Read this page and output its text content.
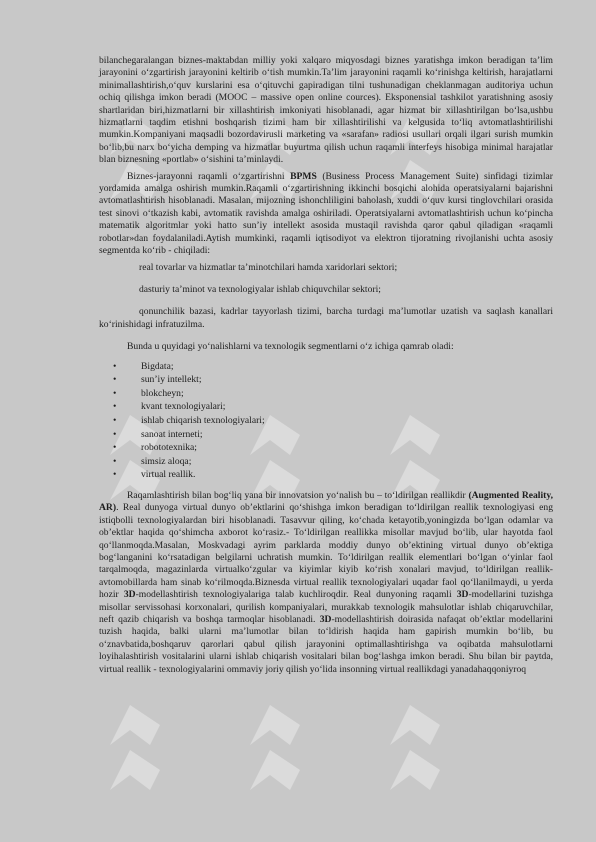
bilanchegaralangan biznes-maktabdan milliy yoki xalqaro miqyosdagi biznes yaratishga imkon beradigan ta’lim jarayonini o‘zgartirish jarayonini keltirib o‘tish mumkin.Ta’lim jarayonini raqamli ko‘rinishga keltirish, harajatlarni minimallashtirish,o‘quv kurslarini esa o‘qituvchi gapiradigan tilni tushunadigan cheklanmagan auditoriya uchun ochiq qilishga imkon beradi (MOOC – massive open online cources). Eksponensial tashkilot yaratishning asosiy shartlaridan biri,hizmatlarni bir xillashtirish imkoniyati hisoblanadi, agar hizmat bir xillashtirilgan bo‘lsa,ushbu hizmatlarni taqdim etishni boshqarish tizimi ham bir xillashtirilishi va kelgusida to‘liq avtomatlashtirilishi mumkin.Kompaniyani maqsadli bozordavirusli marketing va «sarafan» radiosi usullari orqali ilgari surish mumkin bo‘lib,bu narx bo‘yicha demping va hizmatlar buyurtma qilish uchun raqamli interfeys hisobiga minimal harajatlar blan biznesning «portlab» o‘sishini ta’minlaydi.

Biznes-jarayonni raqamli o‘zgartirishni BPMS (Business Process Management Suite) sinfidagi tizimlar yordamida amalga oshirish mumkin.Raqamli o‘zgartirishning ikkinchi bosqichi alohida operatsiyalarni bajarishni avtomatlashtirish hisoblanadi. Masalan, mijozning ishonchliligini baholash, xuddi o‘quv kursi tinglovchilari orasida test sinovi o‘tkazish kabi, avtomatik ravishda amalga oshiriladi. Operatsiyalarni avtomatlashtirish uchun ko‘pincha matematik algoritmlar yoki hatto sun’iy intellekt asosida mustaqil ravishda qaror qabul qiladigan «raqamli robotlar»dan foydalaniladi.Aytish mumkinki, raqamli iqtisodiyot va elektron tijoratning rivojlanishi uchta asosiy segmentda ko‘rib - chiqiladi:

real tovarlar va hizmatlar ta’minotchilari hamda xaridorlari sektori;

dasturiy ta’minot va texnologiyalar ishlab chiquvchilar sektori;

qonunchilik bazasi, kadrlar tayyorlash tizimi, barcha turdagi ma’lumotlar uzatish va saqlash kanallari ko‘rinishidagi infratuzilma.

Bunda u quyidagi yo‘nalishlarni va texnologik segmentlarni o‘z ichiga qamrab oladi:

• Bigdata;
• sun’iy intellekt;
• blokcheyn;
• kvant texnologiyalari;
• ishlab chiqarish texnologiyalari;
• sanoat interneti;
• robototexnika;
• simsiz aloqa;
• virtual reallik.

Raqamlashtirish bilan bog‘liq yana bir innovatsion yo‘nalish bu – to‘ldirilgan reallikdir (Augmented Reality, AR). Real dunyoga virtual dunyo ob’ektlarini qo‘shishga imkon beradigan to‘ldirilgan reallik texnologiyasi eng istiqbolli texnologiyalardan biri hisoblanadi. Tasavvur qiling, ko‘chada ketayotib,yoningizda bo‘lgan odamlar va ob’ektlar haqida qo‘shimcha axborot ko‘rasiz.- To‘ldirilgan reallikka misollar mavjud bo‘lib, ular hayotda faol qo‘llanmoqda.Masalan, Moskvadagi ayrim parklarda moddiy dunyo ob’ektining virtual dunyo ob’ektiga bog‘langanini ko‘rsatadigan belgilarni uchratish mumkin. To‘ldirilgan reallik elementlari bo‘lgan o‘yinlar faol tarqalmoqda, magazinlarda virtualko‘zgular va kiyimlar kiyib ko‘rish xonalari mavjud, to‘ldirilgan reallik-avtomobillarda ham sinab ko‘rilmoqda.Biznesda virtual reallik texnologiyalari uqadar faol qo‘llanilmaydi, u yerda hozir 3D-modellashtirish texnologiyalariga talab kuchliroqdir. Real dunyoning raqamli 3D-modellarini tuzishga misollar servissohasi korxonalari, qurilish kompaniyalari, murakkab texnologik mahsulotlar ishlab chiqaruvchilar, neft qazib chiqarish va boshqa tarmoqlar hisoblanadi. 3D-modellashtirish doirasida nafaqat ob’ektlar modellarini tuzish haqida, balki ularni ma’lumotlar bilan to‘ldirish haqida ham gapirish mumkin bo‘lib, bu o‘znavbatida,boshqaruv qarorlari qabul qilish jarayonini optimallashtirishga va oqibatda mahsulotlarni loyihalashtirish vositalarini ularni ishlab chiqarish vositalari bilan bog‘lashga imkon beradi. Shu bilan bir paytda, virtual reallik - texnologiyalarini ommaviy joriy qilish yo‘lida insonning virtual reallikdagi yanadahaqqoniyroq
